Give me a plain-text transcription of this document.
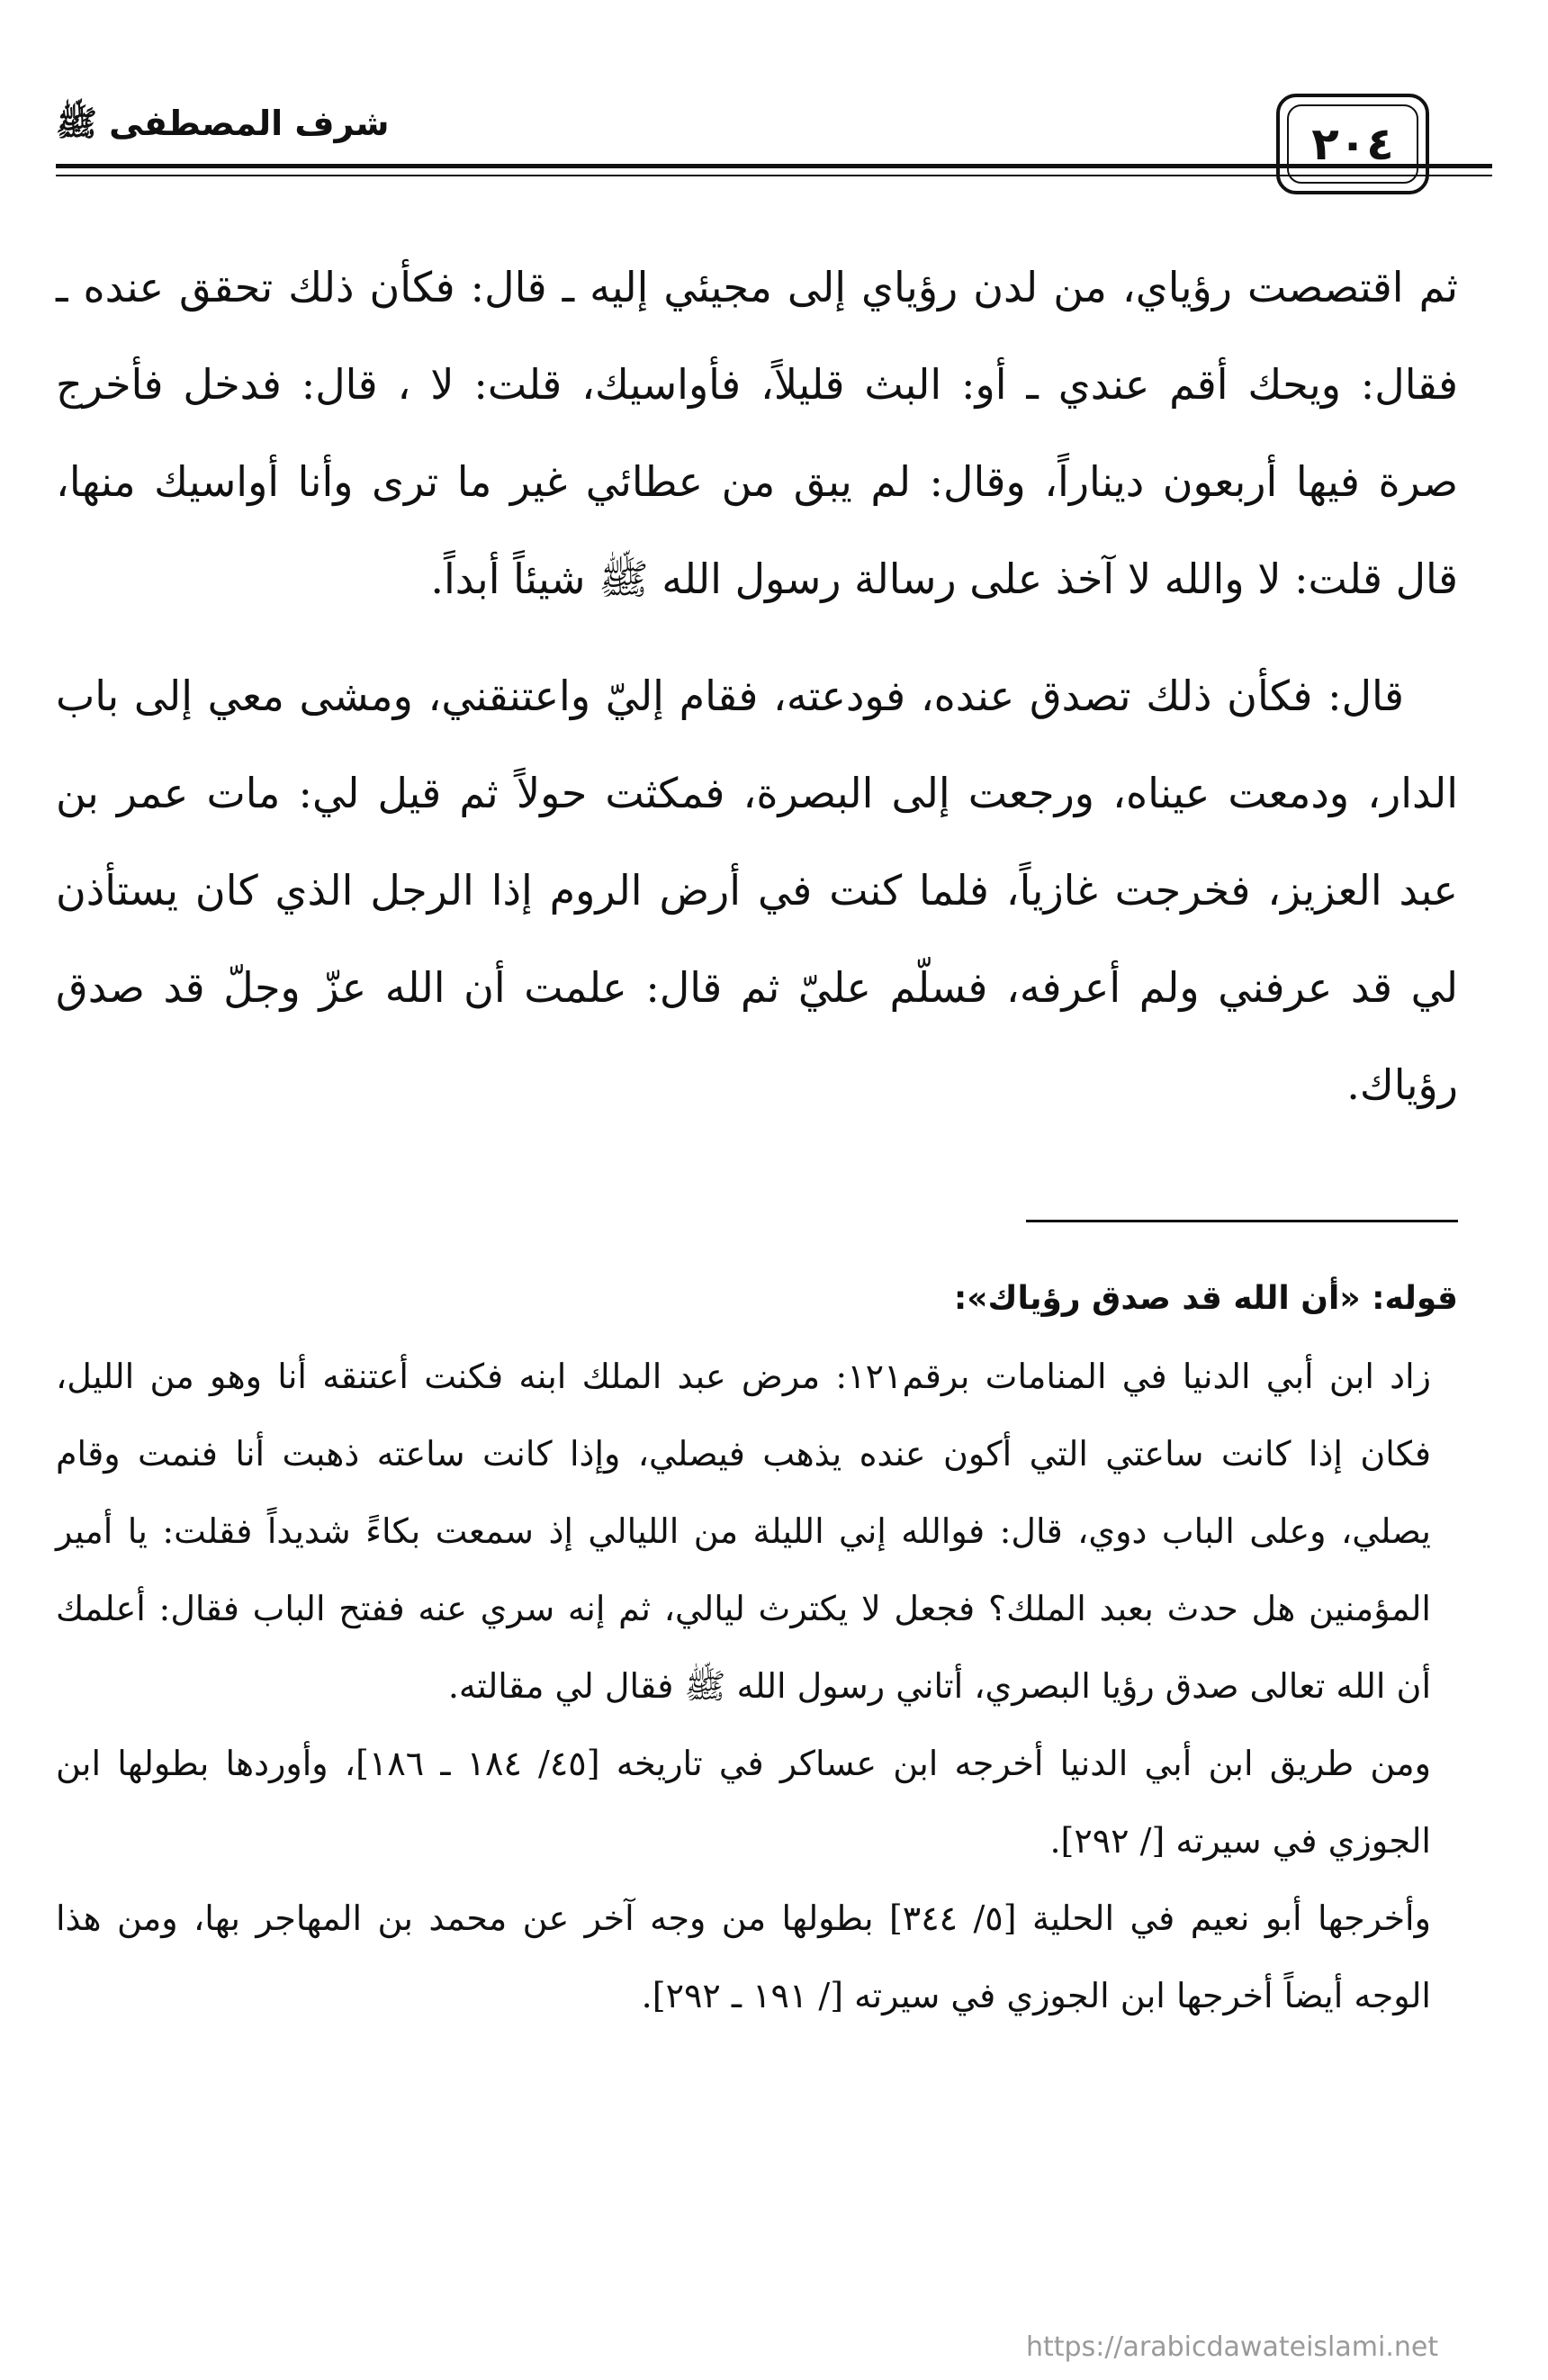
شرف المصطفى ﷺ	٢٠٤

ثم اقتصصت رؤياي، من لدن رؤياي إلى مجيئي إليه ـ قال: فكأن ذلك تحقق عنده ـ فقال: ويحك أقم عندي ـ أو: البث قليلاً، فأواسيك، قلت: لا ، قال: فدخل فأخرج صرة فيها أربعون ديناراً، وقال: لم يبق من عطائي غير ما ترى وأنا أواسيك منها، قال قلت: لا والله لا آخذ على رسالة رسول الله ﷺ شيئاً أبداً.

قال: فكأن ذلك تصدق عنده، فودعته، فقام إليّ واعتنقني، ومشى معي إلى باب الدار، ودمعت عيناه، ورجعت إلى البصرة، فمكثت حولاً ثم قيل لي: مات عمر بن عبد العزيز، فخرجت غازياً، فلما كنت في أرض الروم إذا الرجل الذي كان يستأذن لي قد عرفني ولم أعرفه، فسلّم عليّ ثم قال: علمت أن الله عزّ وجلّ قد صدق رؤياك.

قوله: «أن الله قد صدق رؤياك»:

زاد ابن أبي الدنيا في المنامات برقم١٢١: مرض عبد الملك ابنه فكنت أعتنقه أنا وهو من الليل، فكان إذا كانت ساعتي التي أكون عنده يذهب فيصلي، وإذا كانت ساعته ذهبت أنا فنمت وقام يصلي، وعلى الباب دوي، قال: فوالله إني الليلة من الليالي إذ سمعت بكاءً شديداً فقلت: يا أمير المؤمنين هل حدث بعبد الملك؟ فجعل لا يكترث ليالي، ثم إنه سري عنه ففتح الباب فقال: أعلمك أن الله تعالى صدق رؤيا البصري، أتاني رسول الله ﷺ فقال لي مقالته.

ومن طريق ابن أبي الدنيا أخرجه ابن عساكر في تاريخه [٤٥/ ١٨٤ ـ ١٨٦]، وأوردها بطولها ابن الجوزي في سيرته [/ ٢٩٢].

وأخرجها أبو نعيم في الحلية [٥/ ٣٤٤] بطولها من وجه آخر عن محمد بن المهاجر بها، ومن هذا الوجه أيضاً أخرجها ابن الجوزي في سيرته [/ ١٩١ ـ ٢٩٢].

https://arabicdawateislami.net
